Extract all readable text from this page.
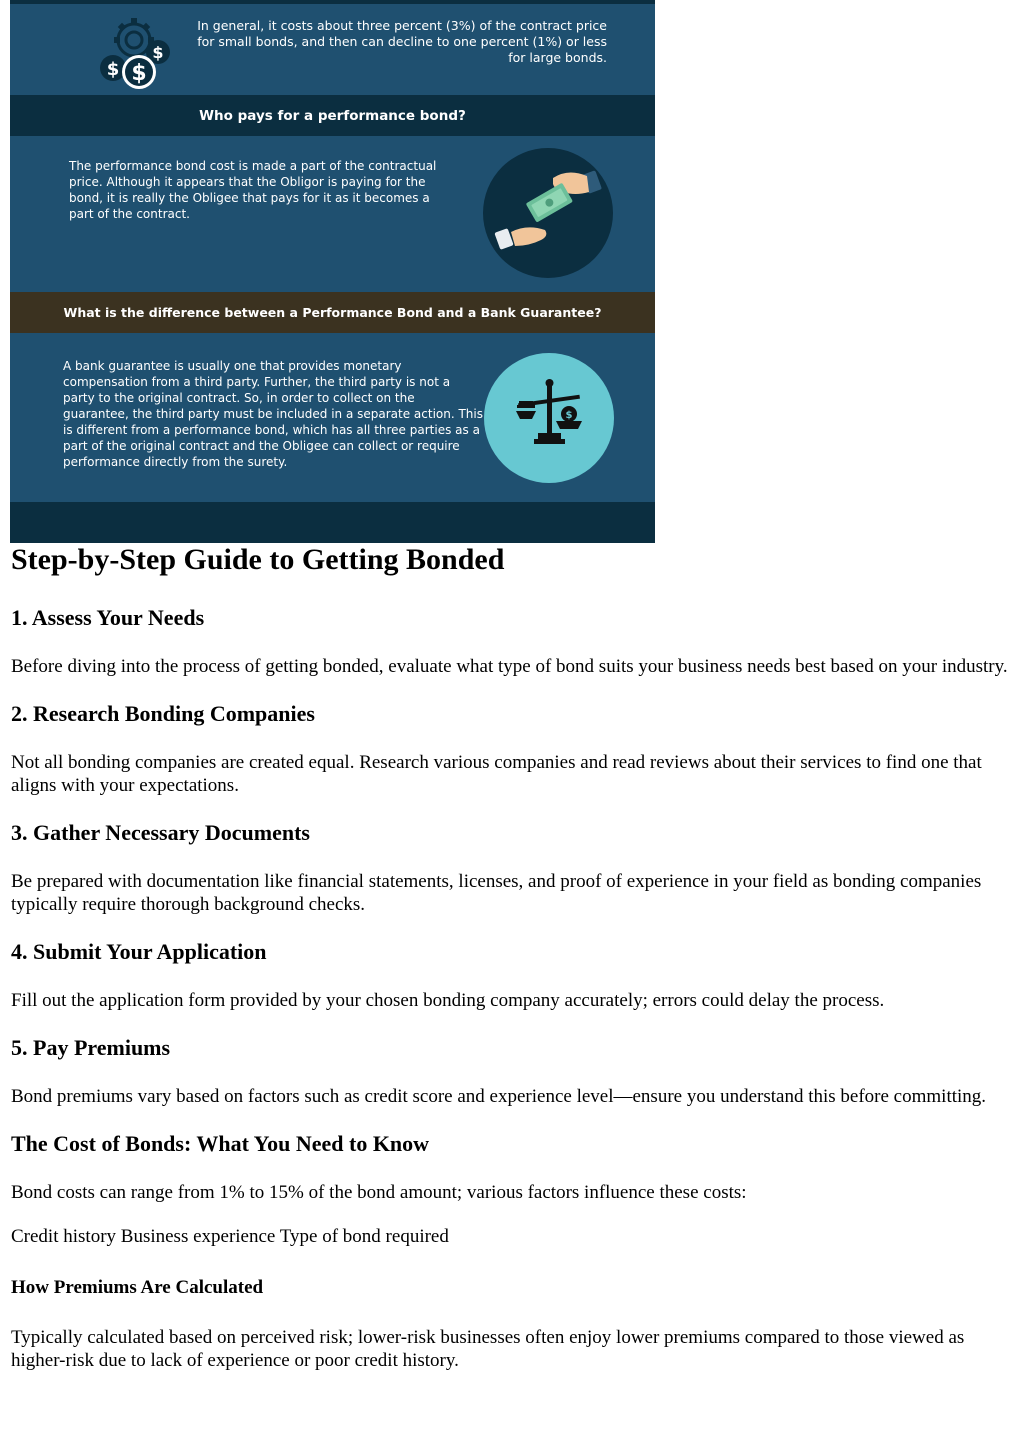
$
$
$
In general, it costs about three percent (3%) of the contract price for small bonds, and then can decline to one percent (1%) or less for large bonds.
Who pays for a performance bond?
The performance bond cost is made a part of the contractual price. Although it appears that the Obligor is paying for the bond, it is really the Obligee that pays for it as it becomes a part of the contract.
What is the difference between a Performance Bond and a Bank Guarantee?
A bank guarantee is usually one that provides monetary compensation from a third party. Further, the third party is not a party to the original contract. So, in order to collect on the guarantee, the third party must be included in a separate action. This is different from a performance bond, which has all three parties as a part of the original contract and the Obligee can collect or require performance directly from the surety.
$
Step-by-Step Guide to Getting Bonded
1. Assess Your Needs

Before diving into the process of getting bonded, evaluate what type of bond suits your business needs best based on your industry.

2. Research Bonding Companies

Not all bonding companies are created equal. Research various companies and read reviews about their services to find one that aligns with your expectations.

3. Gather Necessary Documents

Be prepared with documentation like financial statements, licenses, and proof of experience in your field as bonding companies typically require thorough background checks.

4. Submit Your Application

Fill out the application form provided by your chosen bonding company accurately; errors could delay the process.

5. Pay Premiums

Bond premiums vary based on factors such as credit score and experience level—ensure you understand this before committing.

The Cost of Bonds: What You Need to Know

Bond costs can range from 1% to 15% of the bond amount; various factors influence these costs:

Credit history Business experience Type of bond required

How Premiums Are Calculated

Typically calculated based on perceived risk; lower-risk businesses often enjoy lower premiums compared to those viewed as higher-risk due to lack of experience or poor credit history.
